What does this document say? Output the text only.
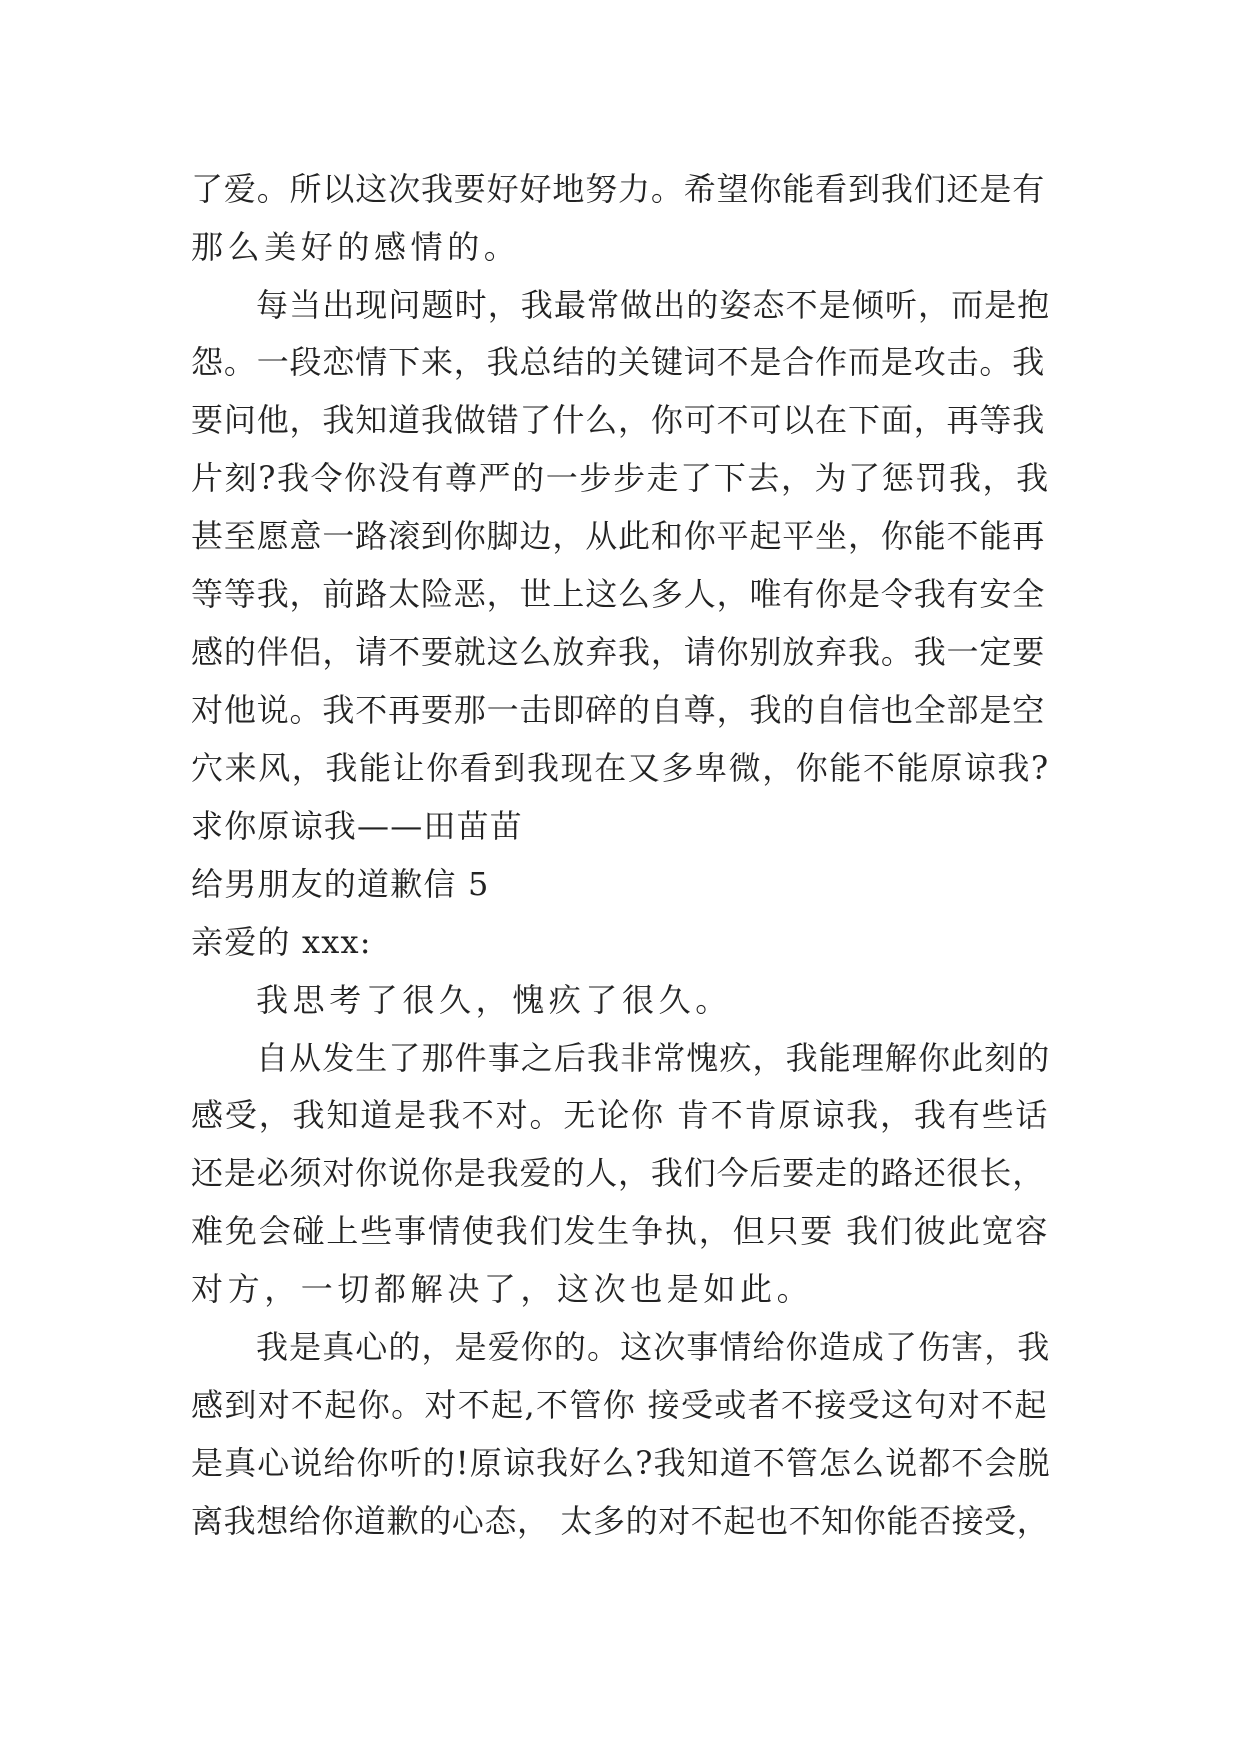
了爱。所以这次我要好好地努力。希望你能看到我们还是有
那么美好的感情的。
每当出现问题时，我最常做出的姿态不是倾听，而是抱
怨。一段恋情下来，我总结的关键词不是合作而是攻击。我
要问他，我知道我做错了什么，你可不可以在下面，再等我
片刻?我令你没有尊严的一步步走了下去，为了惩罚我，我
甚至愿意一路滚到你脚边，从此和你平起平坐，你能不能再
等等我，前路太险恶，世上这么多人，唯有你是令我有安全
感的伴侣，请不要就这么放弃我，请你别放弃我。我一定要
对他说。我不再要那一击即碎的自尊，我的自信也全部是空
穴来风，我能让你看到我现在又多卑微，你能不能原谅我?
求你原谅我——田苗苗
给男朋友的道歉信 5
亲爱的 xxx:
我思考了很久，愧疚了很久。
自从发生了那件事之后我非常愧疚，我能理解你此刻的
感受，我知道是我不对。无论你 肯不肯原谅我，我有些话
还是必须对你说你是我爱的人，我们今后要走的路还很长，
难免会碰上些事情使我们发生争执，但只要 我们彼此宽容
对方，一切都解决了，这次也是如此。
我是真心的，是爱你的。这次事情给你造成了伤害，我
感到对不起你。对不起,不管你 接受或者不接受这句对不起
是真心说给你听的!原谅我好么?我知道不管怎么说都不会脱
离我想给你道歉的心态， 太多的对不起也不知你能否接受，
